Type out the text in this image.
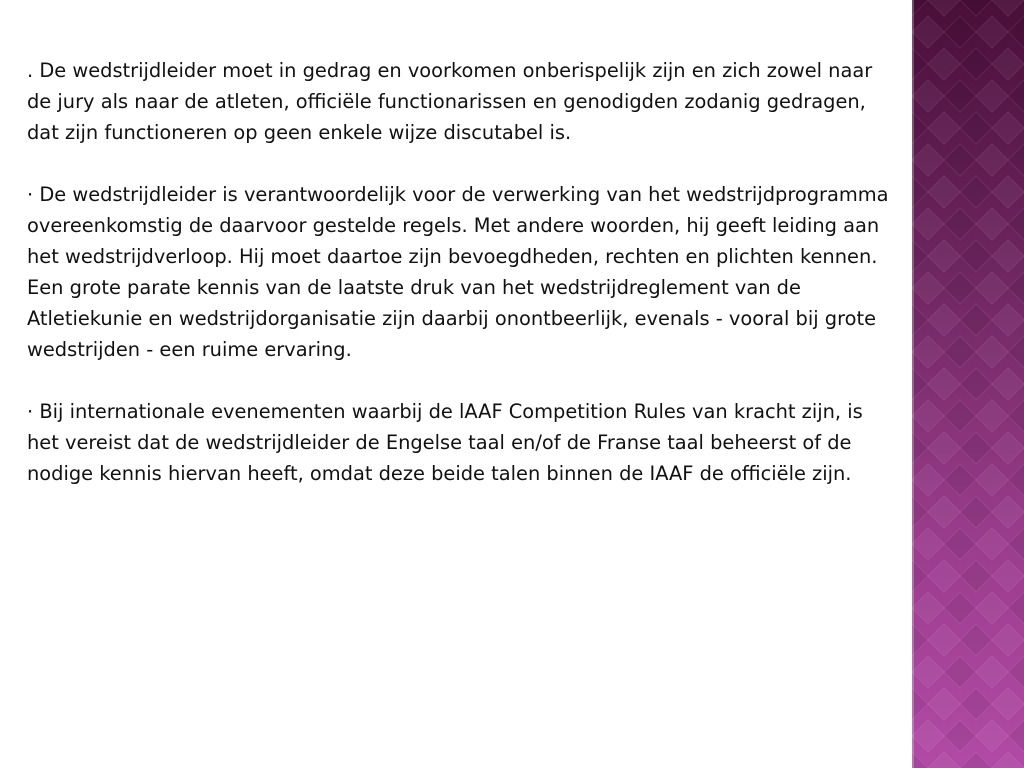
. De wedstrijdleider moet in gedrag en voorkomen onberispelijk zijn en zich zowel naar de jury als naar de atleten, officiële functionarissen en genodigden zodanig gedragen, dat zijn functioneren op geen enkele wijze discutabel is.

· De wedstrijdleider is verantwoordelijk voor de verwerking van het wedstrijdprogramma overeenkomstig de daarvoor gestelde regels. Met andere woorden, hij geeft leiding aan het wedstrijdverloop. Hij moet daartoe zijn bevoegdheden, rechten en plichten kennen. Een grote parate kennis van de laatste druk van het wedstrijdreglement van de Atletiekunie en wedstrijdorganisatie zijn daarbij onontbeerlijk, evenals - vooral bij grote wedstrijden - een ruime ervaring.

· Bij internationale evenementen waarbij de lAAF Competition Rules van kracht zijn, is het vereist dat de wedstrijdleider de Engelse taal en/of de Franse taal beheerst of de nodige kennis hiervan heeft, omdat deze beide talen binnen de IAAF de officiële zijn.
